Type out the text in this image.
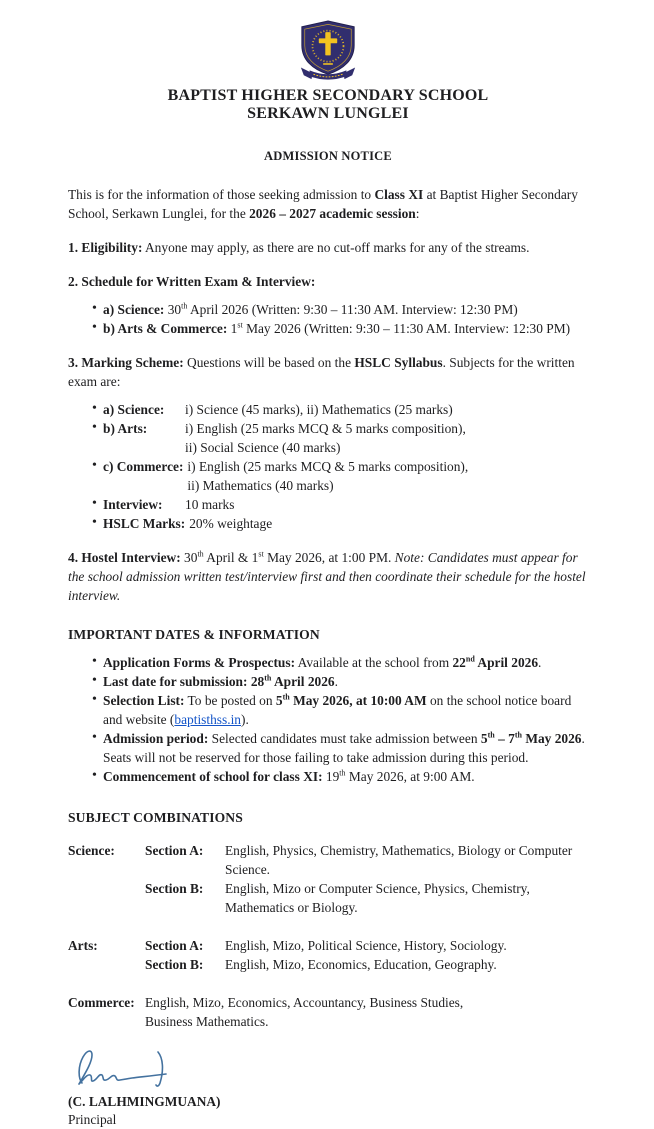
BAPTIST HIGHER SECONDARY SCHOOL
SERKAWN LUNGLEI
ADMISSION NOTICE

This is for the information of those seeking admission to Class XI at Baptist Higher Secondary School, Serkawn Lunglei, for the 2026 – 2027 academic session:

1. Eligibility: Anyone may apply, as there are no cut-off marks for any of the streams.

2. Schedule for Written Exam & Interview:

• a) Science: 30th April 2026 (Written: 9:30 – 11:30 AM. Interview: 12:30 PM)
• b) Arts & Commerce: 1st May 2026 (Written: 9:30 – 11:30 AM. Interview: 12:30 PM)

3. Marking Scheme: Questions will be based on the HSLC Syllabus. Subjects for the written exam are:

• a) Science:	i) Science (45 marks), ii) Mathematics (25 marks)
• b) Arts:	i) English (25 marks MCQ & 5 marks composition),
ii) Social Science (40 marks)
• c) Commerce: i) English (25 marks MCQ & 5 marks composition),
ii) Mathematics (40 marks)
• Interview:	10 marks
• HSLC Marks: 20% weightage

4. Hostel Interview: 30th April & 1st May 2026, at 1:00 PM. Note: Candidates must appear for the school admission written test/interview first and then coordinate their schedule for the hostel interview.

IMPORTANT DATES & INFORMATION
• Application Forms & Prospectus: Available at the school from 22nd April 2026.
• Last date for submission: 28th April 2026.
• Selection List: To be posted on 5th May 2026, at 10:00 AM on the school notice board and website (baptisthss.in).
• Admission period: Selected candidates must take admission between 5th – 7th May 2026. Seats will not be reserved for those failing to take admission during this period.
• Commencement of school for class XI: 19th May 2026, at 9:00 AM.
SUBJECT COMBINATIONS
Science:	Section A:	English, Physics, Chemistry, Mathematics, Biology or Computer Science.
Section B:	English, Mizo or Computer Science, Physics, Chemistry, Mathematics or Biology.
Arts:	Section A:	English, Mizo, Political Science, History, Sociology.
Section B:	English, Mizo, Economics, Education, Geography.
Commerce: English, Mizo, Economics, Accountancy, Business Studies, Business Mathematics.
(C. LALHMINGMUANA)
Principal
